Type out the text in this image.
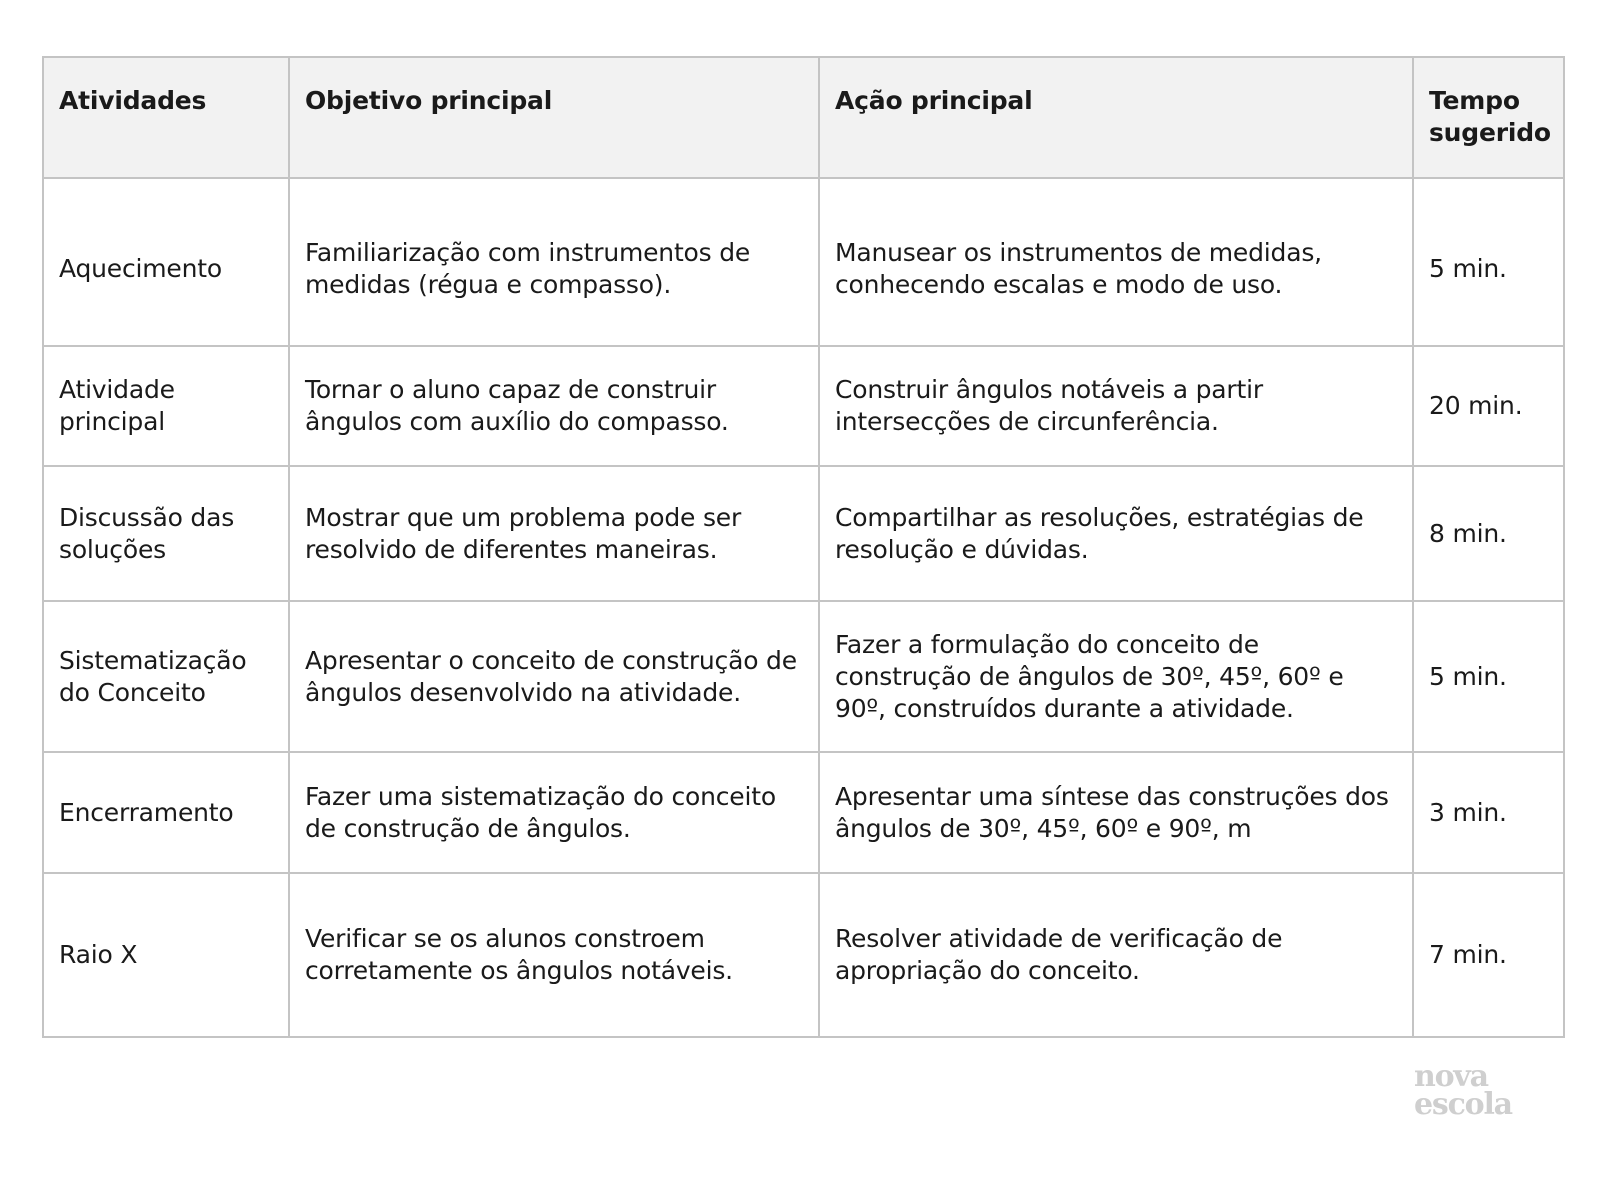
Atividades	Objetivo principal	Ação principal	Tempo sugerido
Aquecimento	Familiarização com instrumentos de medidas (régua e compasso).	Manusear os instrumentos de medidas, conhecendo escalas e modo de uso.	5 min.
Atividade principal	Tornar o aluno capaz de construir ângulos com auxílio do compasso.	Construir ângulos notáveis a partir intersecções de circunferência.	20 min.
Discussão das soluções	Mostrar que um problema pode ser resolvido de diferentes maneiras.	Compartilhar as resoluções, estratégias de resolução e dúvidas.	8 min.
Sistematização do Conceito	Apresentar o conceito de construção de ângulos desenvolvido na atividade.	Fazer a formulação do conceito de construção de ângulos de 30º, 45º, 60º e 90º, construídos durante a atividade.	5 min.
Encerramento	Fazer uma sistematização do conceito de construção de ângulos.	Apresentar uma síntese das construções dos ângulos de 30º, 45º, 60º e 90º, m	3 min.
Raio X	Verificar se os alunos constroem corretamente os ângulos notáveis.	Resolver atividade de verificação de apropriação do conceito.	7 min.
nova
escola
